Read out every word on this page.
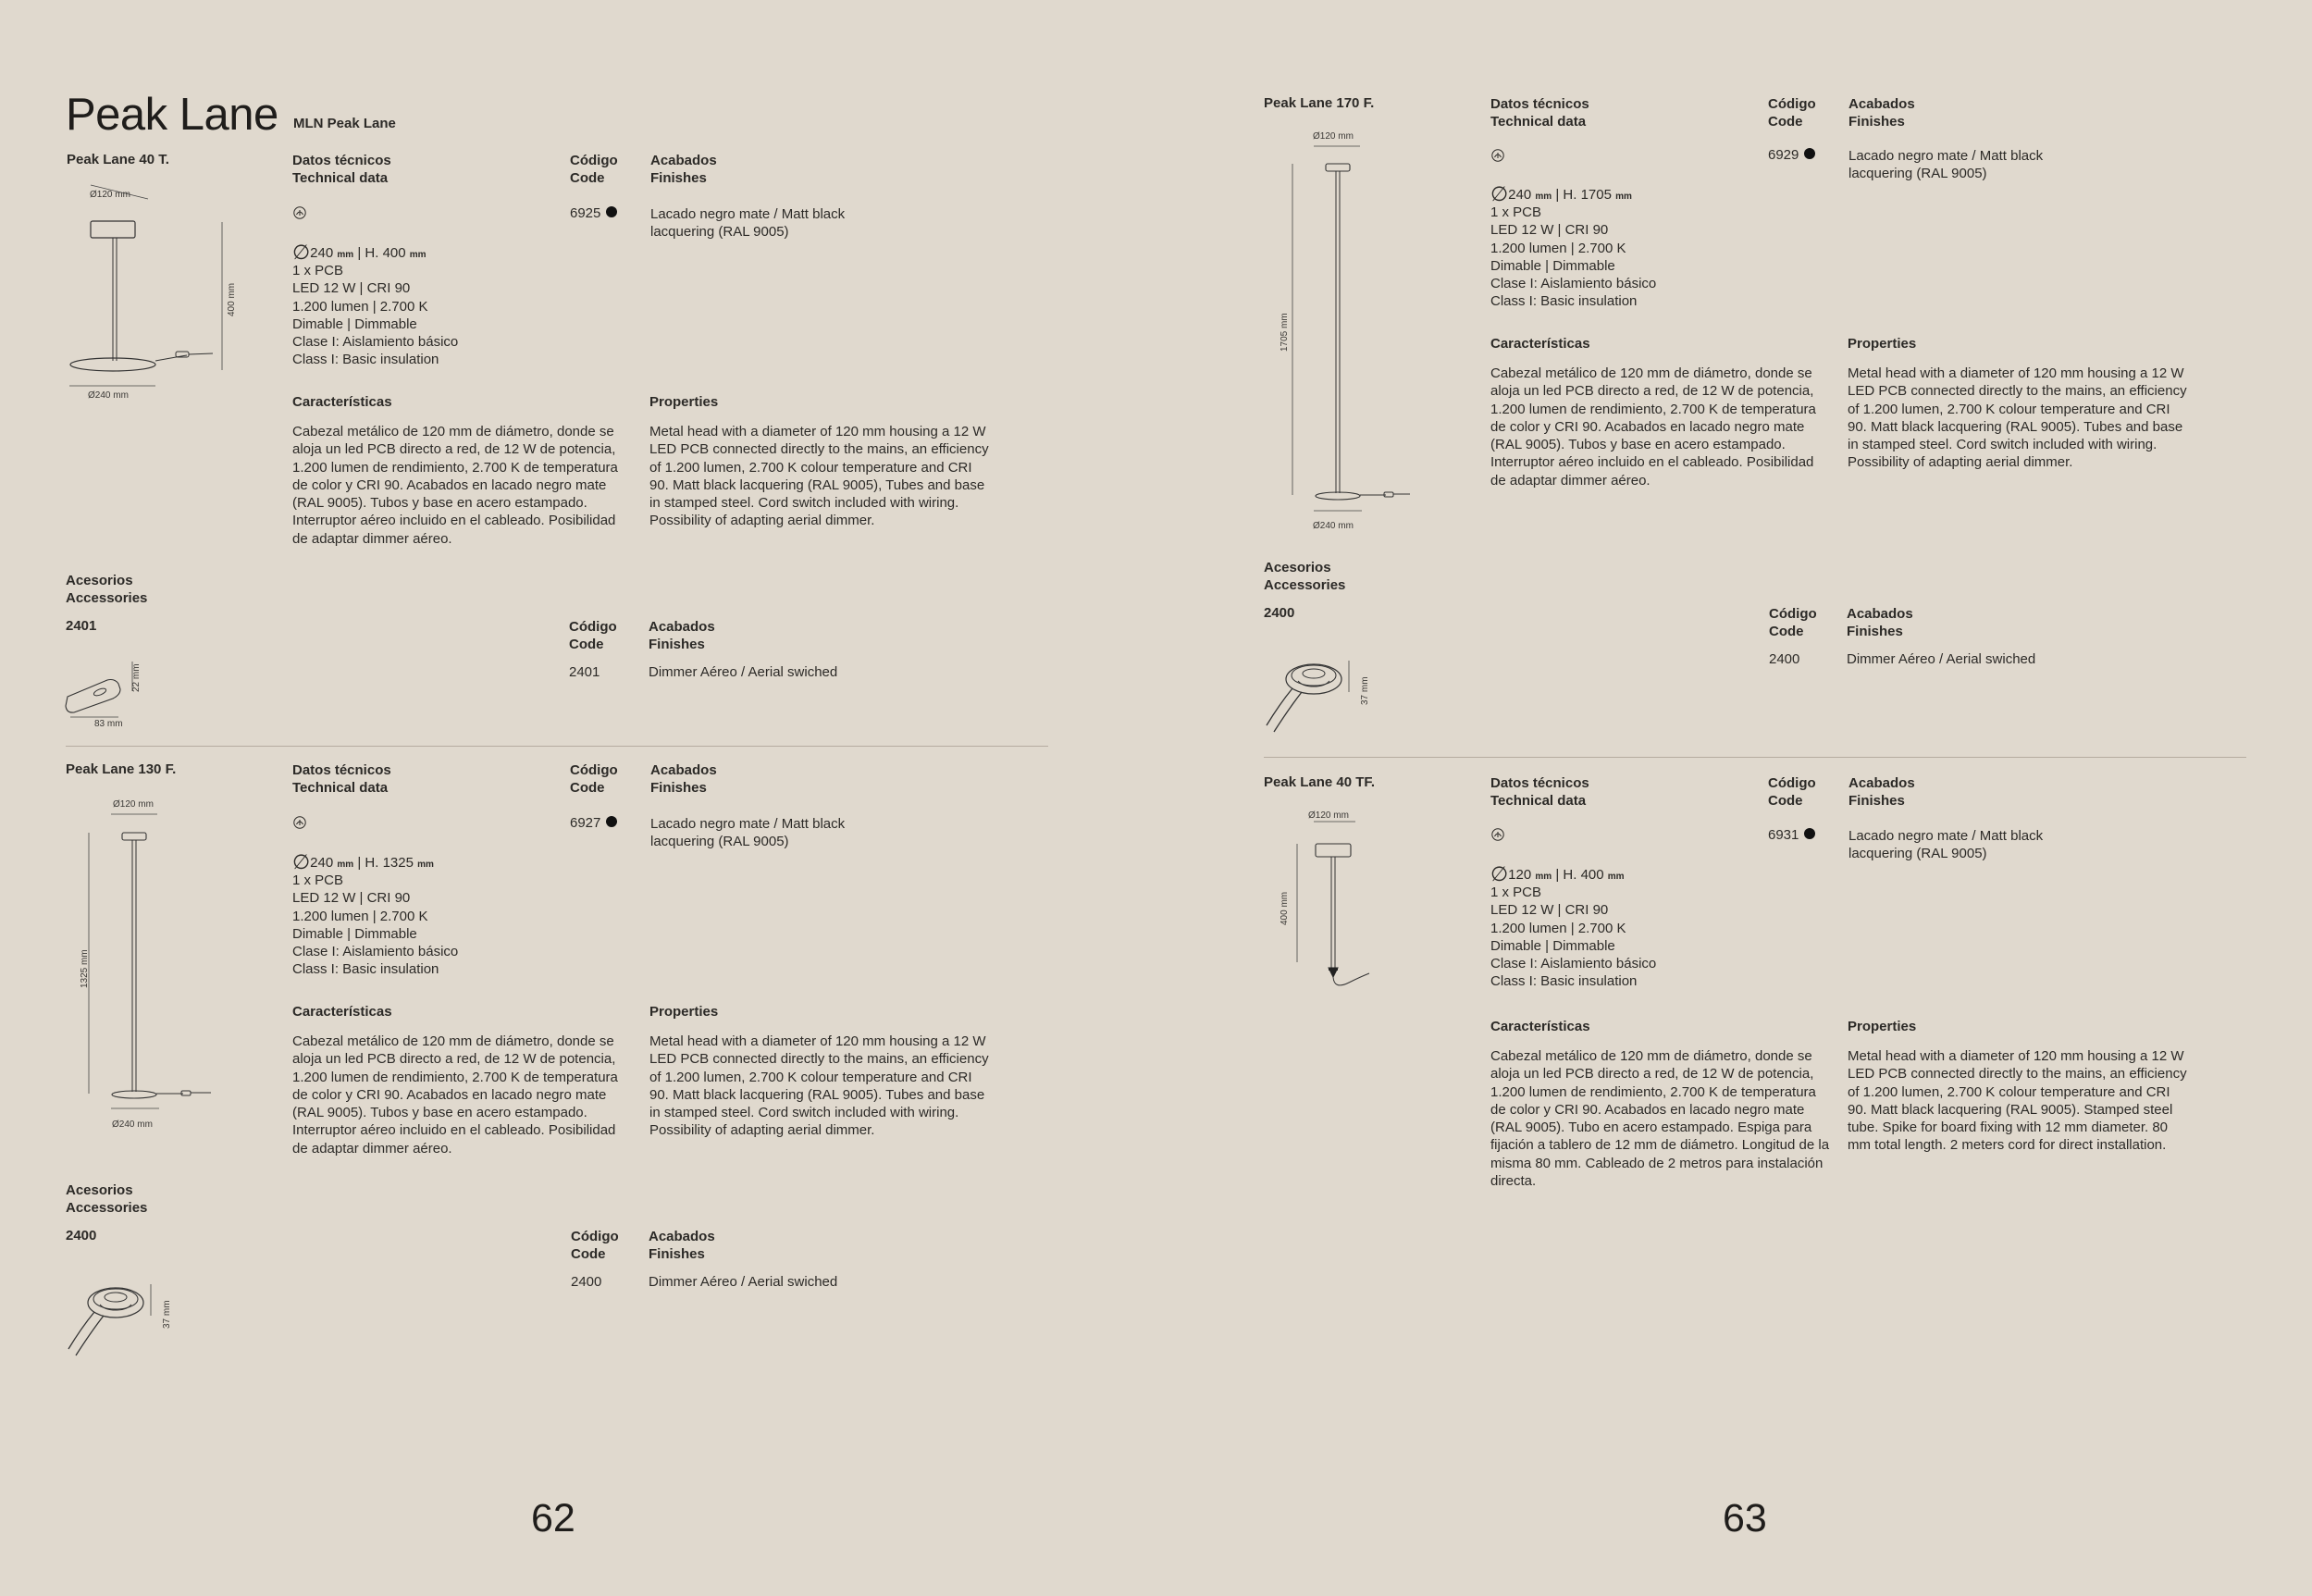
Peak Lane MLN Peak Lane
Peak Lane 40 T.	Datos técnicos
Technical data
Código
Code
Acabados
Finishes
6925	Lacado negro mate / Matt black
lacquering (RAL 9005)
∅240 mm | H. 400 mm
1 x PCB
LED 12 W | CRI 90
1.200 lumen | 2.700 K
Dimable | Dimmable
Clase I: Aislamiento básico
Class I: Basic insulation
Características	Properties
Cabezal metálico de 120 mm de diámetro, donde se aloja un led PCB directo a red, de 12 W de potencia, 1.200 lumen de rendimiento, 2.700 K de temperatura de color y CRI 90. Acabados en lacado negro mate (RAL 9005). Tubos y base en acero estampado. Interruptor aéreo incluido en el cableado. Posibilidad de adaptar dimmer aéreo.
Metal head with a diameter of 120 mm housing a 12 W LED PCB connected directly to the mains, an efficiency of 1.200 lumen, 2.700 K colour temperature and CRI 90. Matt black lacquering (RAL 9005), Tubes and base in stamped steel. Cord switch included with wiring. Possibility of adapting aerial dimmer.
Ø120 mm
Ø240 mm
400 mm
Acesorios
Accessories
2401	Código
Code
Acabados
Finishes
2401	Dimmer Aéreo / Aerial swiched
83 mm
22 mm
Peak Lane 130 F.	Datos técnicos
Technical data
Código
Code
Acabados
Finishes
6927	Lacado negro mate / Matt black
lacquering (RAL 9005)
∅240 mm | H. 1325 mm
1 x PCB
LED 12 W | CRI 90
1.200 lumen | 2.700 K
Dimable | Dimmable
Clase I: Aislamiento básico
Class I: Basic insulation
Características	Properties
Cabezal metálico de 120 mm de diámetro, donde se aloja un led PCB directo a red, de 12 W de potencia, 1.200 lumen de rendimiento, 2.700 K de temperatura de color y CRI 90. Acabados en lacado negro mate (RAL 9005). Tubos y base en acero estampado. Interruptor aéreo incluido en el cableado. Posibilidad de adaptar dimmer aéreo.
Metal head with a diameter of 120 mm housing a 12 W LED PCB connected directly to the mains, an efficiency of 1.200 lumen, 2.700 K colour temperature and CRI 90. Matt black lacquering (RAL 9005). Tubes and base in stamped steel. Cord switch included with wiring. Possibility of adapting aerial dimmer.
Ø120 mm
Ø240 mm
1325 mm
Acesorios
Accessories
2400	Código
Code
Acabados
Finishes
2400	Dimmer Aéreo / Aerial swiched
37 mm
62
Peak Lane 170 F.	Datos técnicos
Technical data
Código
Code
Acabados
Finishes
6929	Lacado negro mate / Matt black
lacquering (RAL 9005)
∅240 mm | H. 1705 mm
1 x PCB
LED 12 W | CRI 90
1.200 lumen | 2.700 K
Dimable | Dimmable
Clase I: Aislamiento básico
Class I: Basic insulation
Características	Properties
Cabezal metálico de 120 mm de diámetro, donde se aloja un led PCB directo a red, de 12 W de potencia, 1.200 lumen de rendimiento, 2.700 K de temperatura de color y CRI 90. Acabados en lacado negro mate (RAL 9005). Tubos y base en acero estampado. Interruptor aéreo incluido en el cableado. Posibilidad de adaptar dimmer aéreo.
Metal head with a diameter of 120 mm housing a 12 W LED PCB connected directly to the mains, an efficiency of 1.200 lumen, 2.700 K colour temperature and CRI 90. Matt black lacquering (RAL 9005). Tubes and base in stamped steel. Cord switch included with wiring. Possibility of adapting aerial dimmer.
Ø120 mm
Ø240 mm
1705 mm
Acesorios
Accessories
2400	Código
Code
Acabados
Finishes
2400	Dimmer Aéreo / Aerial swiched
37 mm
Peak Lane 40 TF.	Datos técnicos
Technical data
Código
Code
Acabados
Finishes
6931	Lacado negro mate / Matt black
lacquering (RAL 9005)
∅120 mm | H. 400 mm
1 x PCB
LED 12 W | CRI 90
1.200 lumen | 2.700 K
Dimable | Dimmable
Clase I: Aislamiento básico
Class I: Basic insulation
Características	Properties
Cabezal metálico de 120 mm de diámetro, donde se aloja un led PCB directo a red, de 12 W de potencia, 1.200 lumen de rendimiento, 2.700 K de temperatura de color y CRI 90. Acabados en lacado negro mate (RAL 9005). Tubo en acero estampado. Espiga para fijación a tablero de 12 mm de diámetro. Longitud de la misma 80 mm. Cableado de 2 metros para instalación directa.
Metal head with a diameter of 120 mm housing a 12 W LED PCB connected directly to the mains, an efficiency of 1.200 lumen, 2.700 K colour temperature and CRI 90. Matt black lacquering (RAL 9005). Stamped steel tube. Spike for board fixing with 12 mm diameter. 80 mm total length. 2 meters cord for direct installation.
Ø120 mm
400 mm
63
